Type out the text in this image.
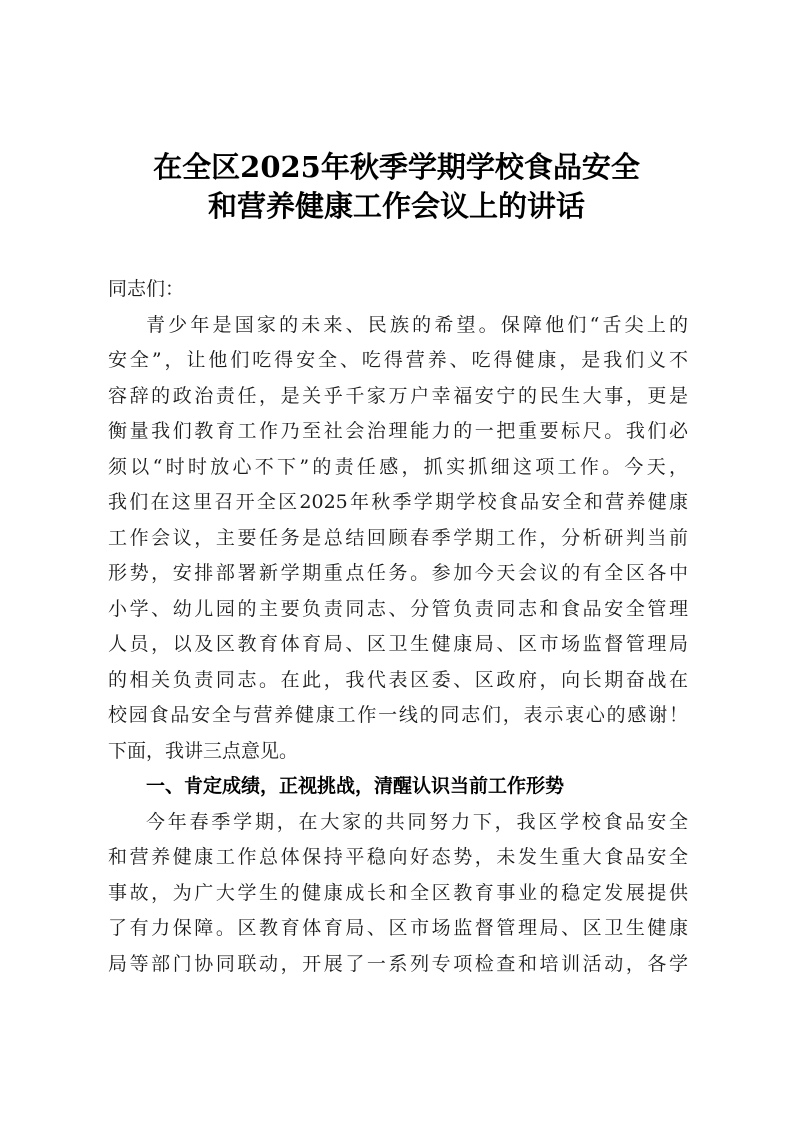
在全区2025年秋季学期学校食品安全
和营养健康工作会议上的讲话
同志们：
青少年是国家的未来、民族的希望。保障他们“舌尖上的
安全”，让他们吃得安全、吃得营养、吃得健康，是我们义不
容辞的政治责任，是关乎千家万户幸福安宁的民生大事，更是
衡量我们教育工作乃至社会治理能力的一把重要标尺。我们必
须以“时时放心不下”的责任感，抓实抓细这项工作。今天，
我们在这里召开全区2025年秋季学期学校食品安全和营养健康
工作会议，主要任务是总结回顾春季学期工作，分析研判当前
形势，安排部署新学期重点任务。参加今天会议的有全区各中
小学、幼儿园的主要负责同志、分管负责同志和食品安全管理
人员，以及区教育体育局、区卫生健康局、区市场监督管理局
的相关负责同志。在此，我代表区委、区政府，向长期奋战在
校园食品安全与营养健康工作一线的同志们，表示衷心的感谢！
下面，我讲三点意见。
一、肯定成绩，正视挑战，清醒认识当前工作形势
今年春季学期，在大家的共同努力下，我区学校食品安全
和营养健康工作总体保持平稳向好态势，未发生重大食品安全
事故，为广大学生的健康成长和全区教育事业的稳定发展提供
了有力保障。区教育体育局、区市场监督管理局、区卫生健康
局等部门协同联动，开展了一系列专项检查和培训活动，各学
